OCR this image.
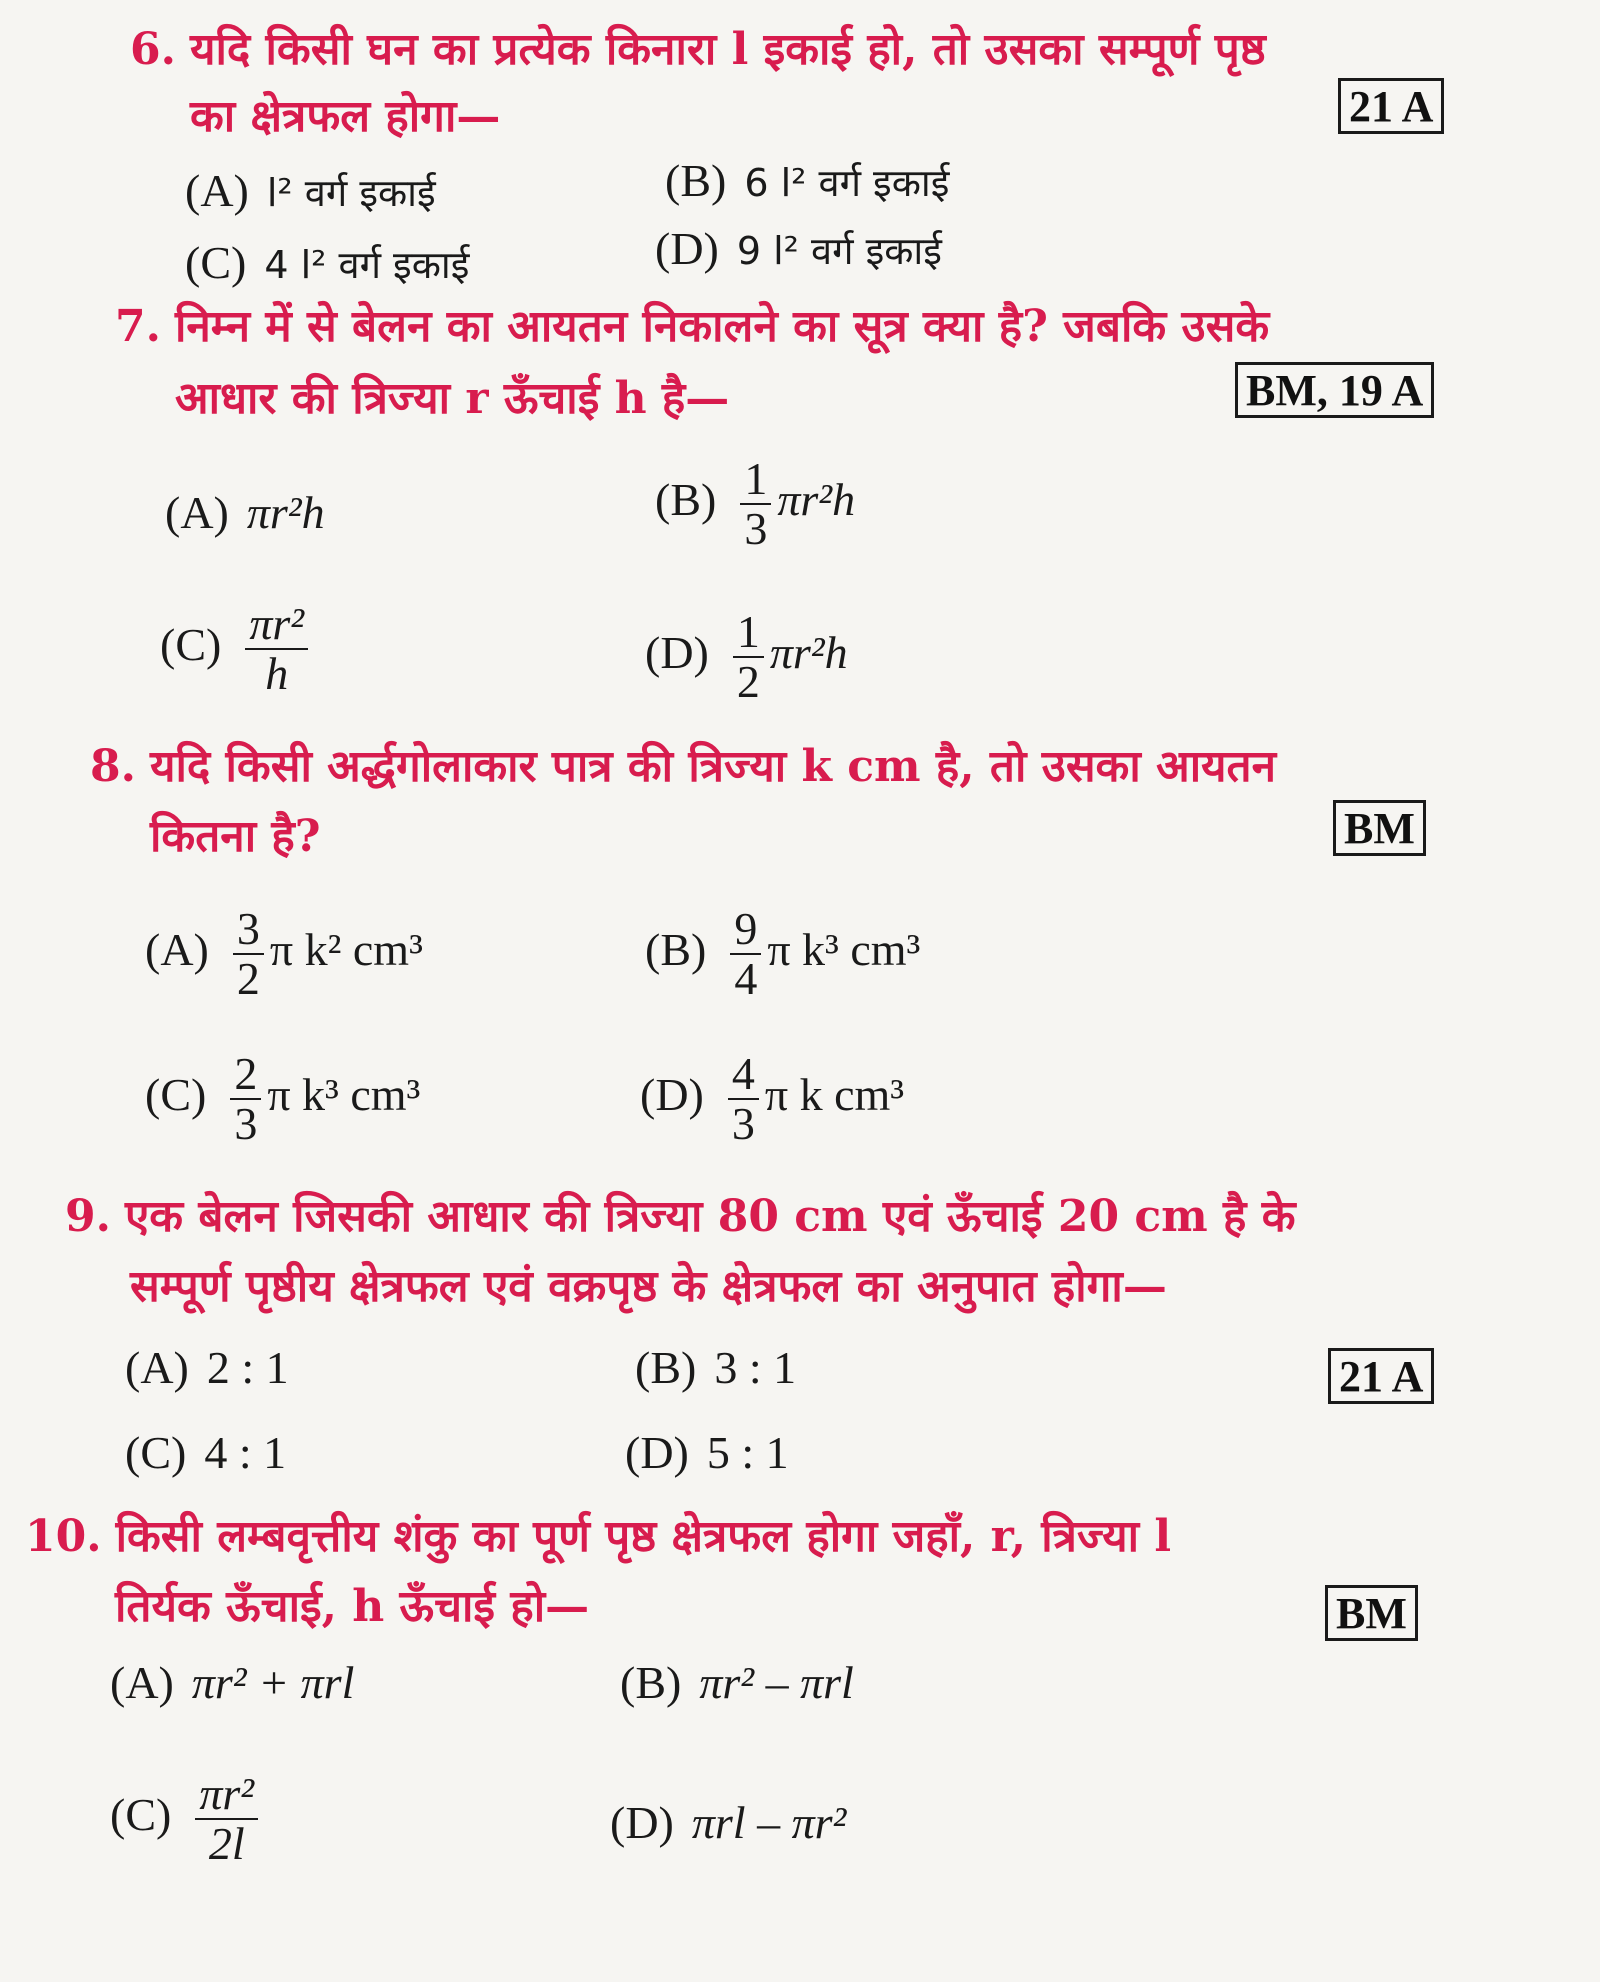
6. यदि किसी घन का प्रत्येक किनारा l इकाई हो, तो उसका सम्पूर्ण पृष्ठ
का क्षेत्रफल होगा—	21 A
(A) l² वर्ग इकाई	(B) 6 l² वर्ग इकाई
(C) 4 l² वर्ग इकाई	(D) 9 l² वर्ग इकाई
7. निम्न में से बेलन का आयतन निकालने का सूत्र क्या है? जबकि उसके
आधार की त्रिज्या r ऊँचाई h है—	BM, 19 A
(A) πr²h	$(B) \frac{1}{3} \pi r^2h$
$(C) \frac{\text{πr²}}{h}$	$(D) \frac{1}{2} \pi r^2h$
8. यदि किसी अर्द्धगोलाकार पात्र की त्रिज्या k cm है, तो उसका आयतन
कितना है?	BM
$(A) \frac{3}{2}$ π k² cm³	$(B) \frac{9}{4}$ π k³ cm³
$(C) \frac{2}{3}$ π k³ cm³	$(D) \frac{4}{3}$ π k cm³
9. एक बेलन जिसकी आधार की त्रिज्या 80 cm एवं ऊँचाई 20 cm है के
सम्पूर्ण पृष्ठीय क्षेत्रफल एवं वक्रपृष्ठ के क्षेत्रफल का अनुपात होगा—
21 A
(A) 2 : 1	(B) 3 : 1
(C) 4 : 1	(D) 5 : 1
10. किसी लम्बवृत्तीय शंकु का पूर्ण पृष्ठ क्षेत्रफल होगा जहाँ, r, त्रिज्या l
तिर्यक ऊँचाई, h ऊँचाई हो—	BM
(A) πr² + πrl	(B) πr² – πrl
$(C) \frac{\text{πr²}}{2l}$	(D) πrl – πr²
